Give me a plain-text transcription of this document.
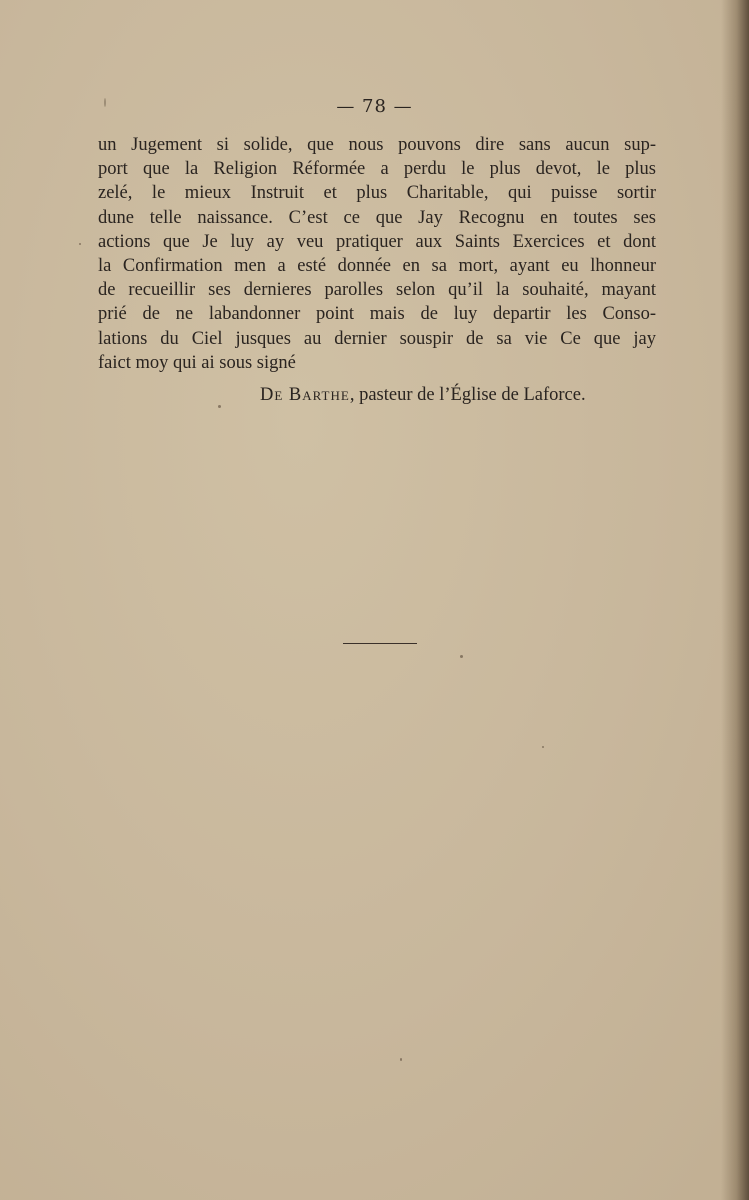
— 78 —
un Jugement si solide, que nous pouvons dire sans aucun sup-
port que la Religion Réformée a perdu le plus devot, le plus
zelé, le mieux Instruit et plus Charitable, qui puisse sortir
dune telle naissance. C’est ce que Jay Recognu en toutes ses
actions que Je luy ay veu pratiquer aux Saints Exercices et dont
la Confirmation men a esté donnée en sa mort, ayant eu lhonneur
de recueillir ses dernieres parolles selon qu’il la souhaité, mayant
prié de ne labandonner point mais de luy departir les Conso-
lations du Ciel jusques au dernier souspir de sa vie Ce que jay
faict moy qui ai sous signé
De Barthe, pasteur de l’Église de Laforce.
